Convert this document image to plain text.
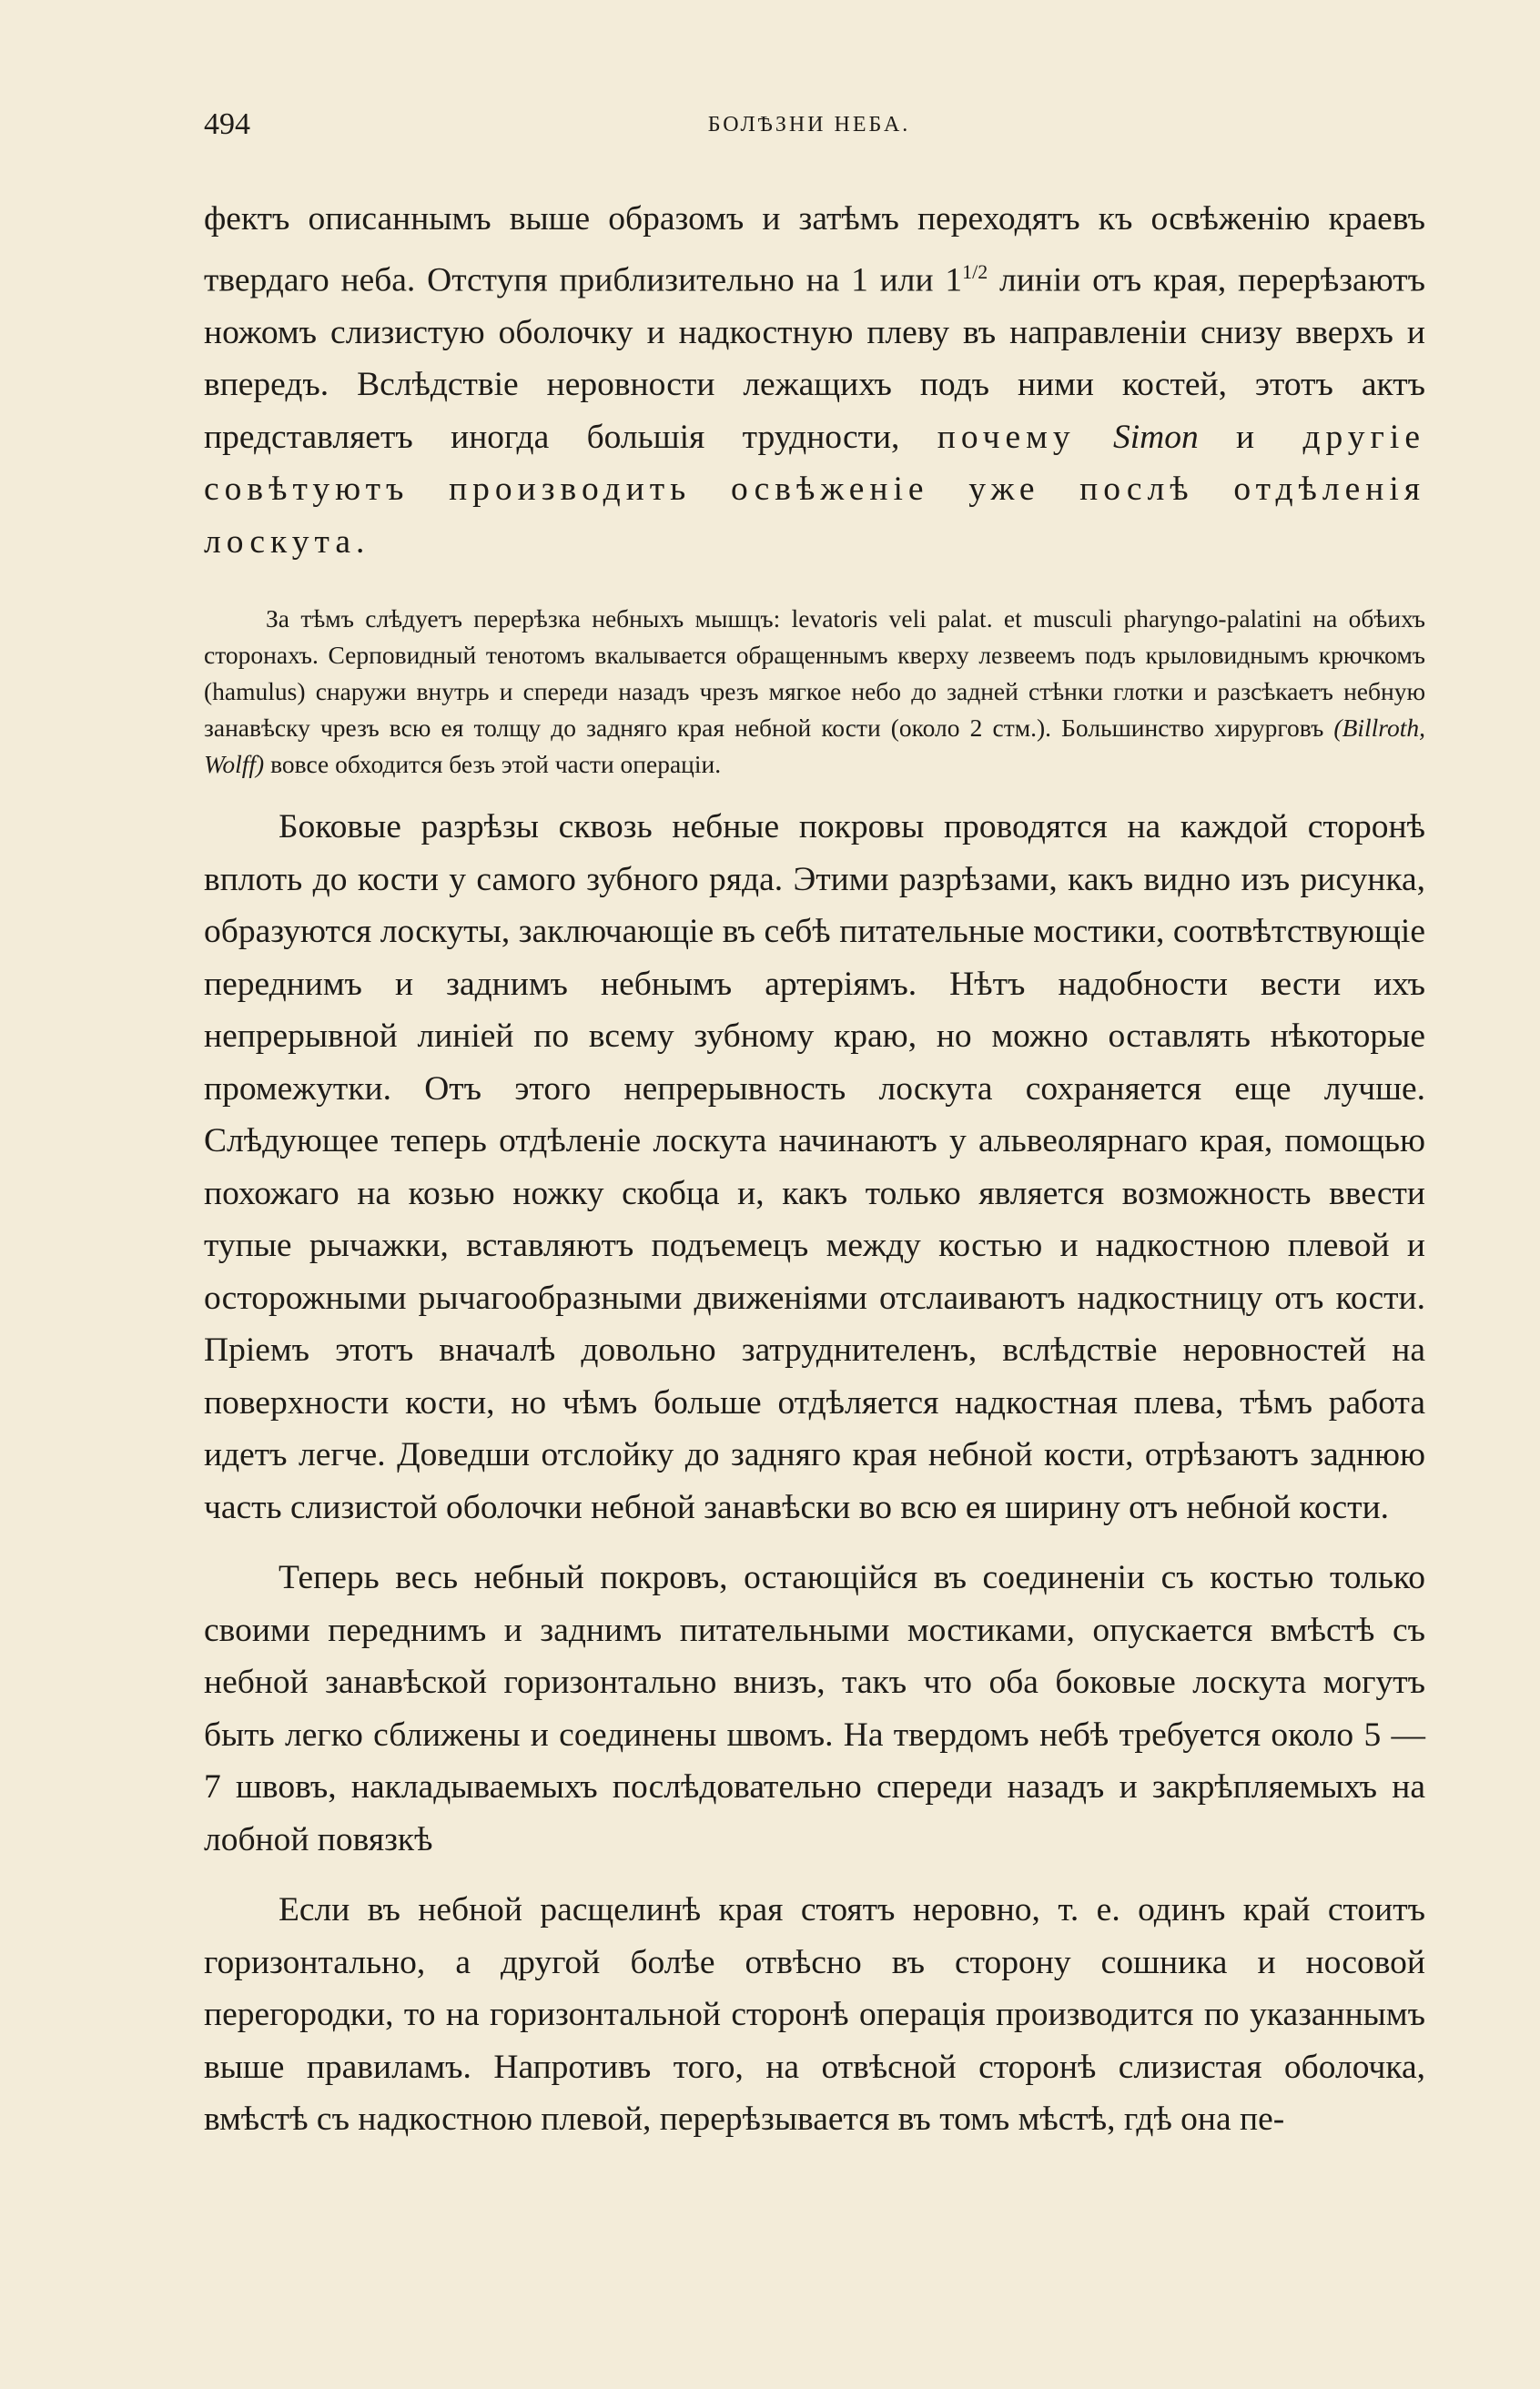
494	БОЛѢЗНИ НЕБА.

фектъ описаннымъ выше образомъ и затѣмъ переходятъ къ освѣженію краевъ твердаго неба. Отступя приблизительно на 1 или $1^{1/2}$ линіи отъ края, перерѣзаютъ ножомъ слизистую оболочку и надкостную плеву въ направленіи снизу вверхъ и впередъ. Вслѣдствіе неровности лежащихъ подъ ними костей, этотъ актъ представляетъ иногда большія трудности, почему Simon и другіе совѣтуютъ производить освѣженіе уже послѣ отдѣленія лоскута.

За тѣмъ слѣдуетъ перерѣзка небныхъ мышцъ: levatoris veli palat. et musculi pharyngo-palatini на обѣихъ сторонахъ. Серповидный тенотомъ вкалывается обращеннымъ кверху лезвеемъ подъ крыловиднымъ крючкомъ (hamulus) снаружи внутрь и спереди назадъ чрезъ мягкое небо до задней стѣнки глотки и разсѣкаетъ небную занавѣску чрезъ всю ея толщу до задняго края небной кости (около 2 стм.). Большинство хирурговъ (Billroth, Wolff) вовсе обходится безъ этой части операціи.

Боковые разрѣзы сквозь небные покровы проводятся на каждой сторонѣ вплоть до кости у самого зубного ряда. Этими разрѣзами, какъ видно изъ рисунка, образуются лоскуты, заключающіе въ себѣ питательные мостики, соотвѣтствующіе переднимъ и заднимъ небнымъ артеріямъ. Нѣтъ надобности вести ихъ непрерывной линіей по всему зубному краю, но можно оставлять нѣкоторые промежутки. Отъ этого непрерывность лоскута сохраняется еще лучше. Слѣдующее теперь отдѣленіе лоскута начинаютъ у альвеолярнаго края, помощью похожаго на козью ножку скобца и, какъ только является возможность ввести тупые рычажки, вставляютъ подъемецъ между костью и надкостною плевой и осторожными рычагообразными движеніями отслаиваютъ надкостницу отъ кости. Пріемъ этотъ вначалѣ довольно затруднителенъ, вслѣдствіе неровностей на поверхности кости, но чѣмъ больше отдѣляется надкостная плева, тѣмъ работа идетъ легче. Доведши отслойку до задняго края небной кости, отрѣзаютъ заднюю часть слизистой оболочки небной занавѣски во всю ея ширину отъ небной кости.

Теперь весь небный покровъ, остающійся въ соединеніи съ костью только своими переднимъ и заднимъ питательными мостиками, опускается вмѣстѣ съ небной занавѣской горизонтально внизъ, такъ что оба боковые лоскута могутъ быть легко сближены и соединены швомъ. На твердомъ небѣ требуется около 5 — 7 швовъ, накладываемыхъ послѣдовательно спереди назадъ и закрѣпляемыхъ на лобной повязкѣ

Если въ небной расщелинѣ края стоятъ неровно, т. е. одинъ край стоитъ горизонтально, а другой болѣе отвѣсно въ сторону сошника и носовой перегородки, то на горизонтальной сторонѣ операція производится по указаннымъ выше правиламъ. Напротивъ того, на отвѣсной сторонѣ слизистая оболочка, вмѣстѣ съ надкостною плевой, перерѣзывается въ томъ мѣстѣ, гдѣ она пе-
